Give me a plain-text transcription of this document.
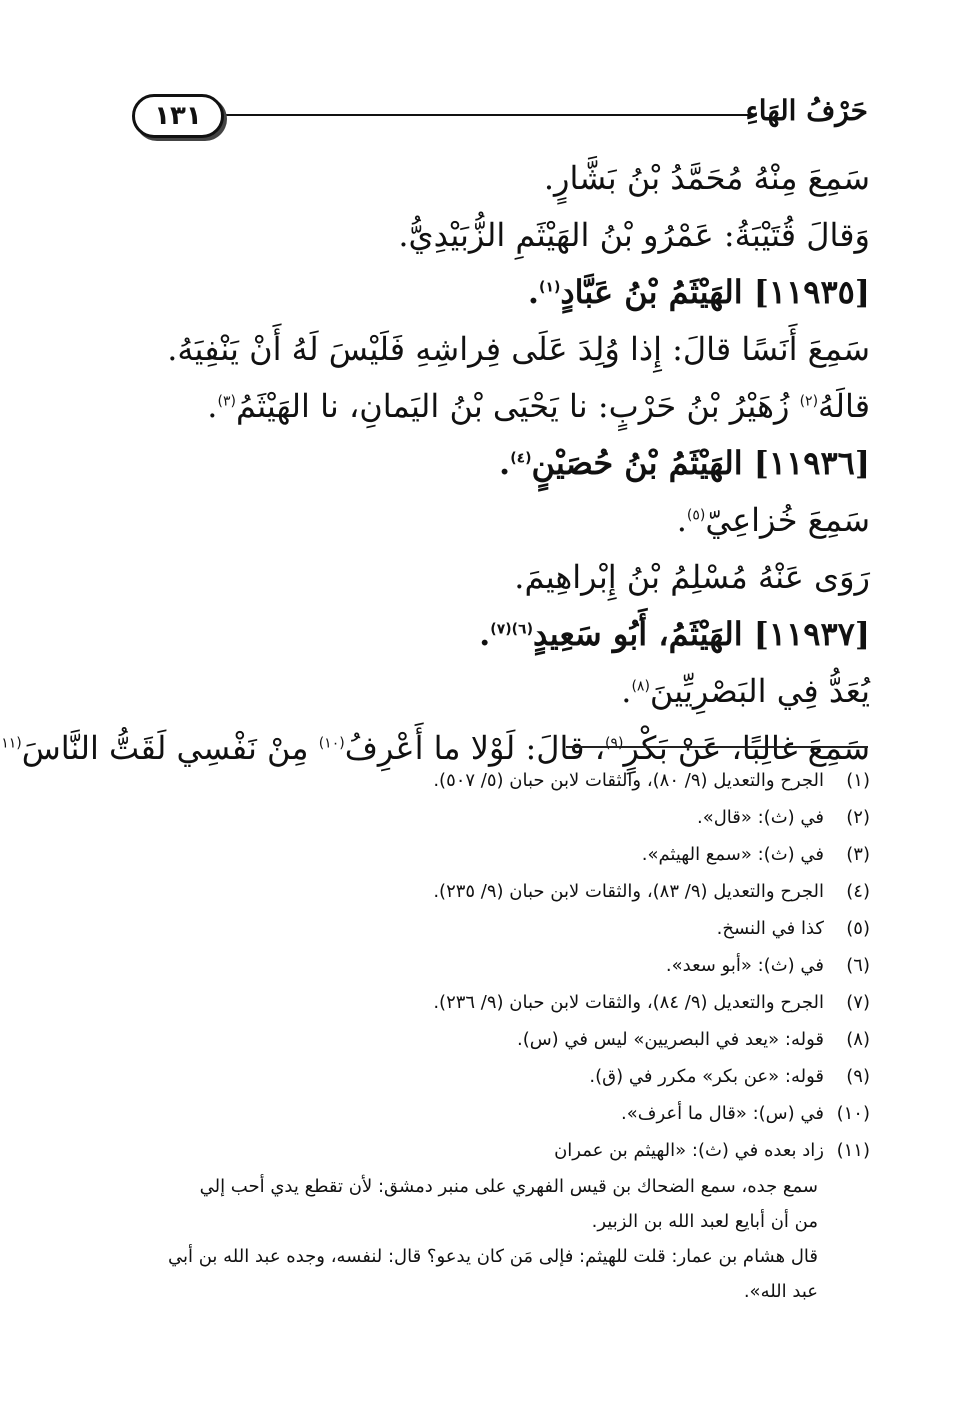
حَرْفُ الهَاءِ
١٣١
سَمِعَ مِنْهُ مُحَمَّدُ بْنُ بَشَّارٍ.
وَقالَ قُتَيْبَةُ: عَمْرُو بْنُ الهَيْثَمِ الزُّبَيْدِيُّ.
[١١٩٣٥] الهَيْثَمُ بْنُ عَبَّادٍ$^{(١)}$.
سَمِعَ أَنَسًا قالَ: إِذا وُلِدَ عَلَى فِراشِهِ فَلَيْسَ لَهُ أَنْ يَنْفِيَهُ.
قالَهُ$^{(٢)}$ زُهَيْرُ بْنُ حَرْبٍ: نا يَحْيَى بْنُ اليَمانِ، نا الهَيْثَمُ$^{(٣)}$.
[١١٩٣٦] الهَيْثَمُ بْنُ حُصَيْنٍ$^{(٤)}$.
سَمِعَ خُزاعِيّ$^{(٥)}$.
رَوَى عَنْهُ مُسْلِمُ بْنُ إِبْراهِيمَ.
[١١٩٣٧] الهَيْثَمُ، أَبُو سَعِيدٍ$^{(٦)(٧)}$.
يُعَدُّ فِي البَصْرِيِّينَ$^{(٨)}$.
سَمِعَ غالِبًا، عَنْ بَكْرٍ$^{(٩)}$، قالَ: لَوْلا ما أَعْرِفُ$^{(١٠)}$ مِنْ نَفْسِي لَقَتُّ النَّاسَ$^{(١١}$
(١)الجرح والتعديل (٩/ ٨٠)، والثقات لابن حبان (٥/ ٥٠٧).
(٢)في (ث): «قال».
(٣)في (ث): «سمع الهيثم».
(٤)الجرح والتعديل (٩/ ٨٣)، والثقات لابن حبان (٩/ ٢٣٥).
(٥)كذا في النسخ.
(٦)في (ث): «أبو سعد».
(٧)الجرح والتعديل (٩/ ٨٤)، والثقات لابن حبان (٩/ ٢٣٦).
(٨)قوله: «يعد في البصريين» ليس في (س).
(٩)قوله: «عن بكر» مكرر في (ق).
(١٠)في (س): «قال ما أعرف».
(١١)زاد بعده في (ث): «الهيثم بن عمران
سمع جده، سمع الضحاك بن قيس الفهري على منبر دمشق: لأن تقطع يدي أحب إلي
من أن أبايع لعبد الله بن الزبير.
قال هشام بن عمار: قلت للهيثم: فإلى مَن كان يدعو؟ قال: لنفسه، وجده عبد الله بن أبي
عبد الله».
